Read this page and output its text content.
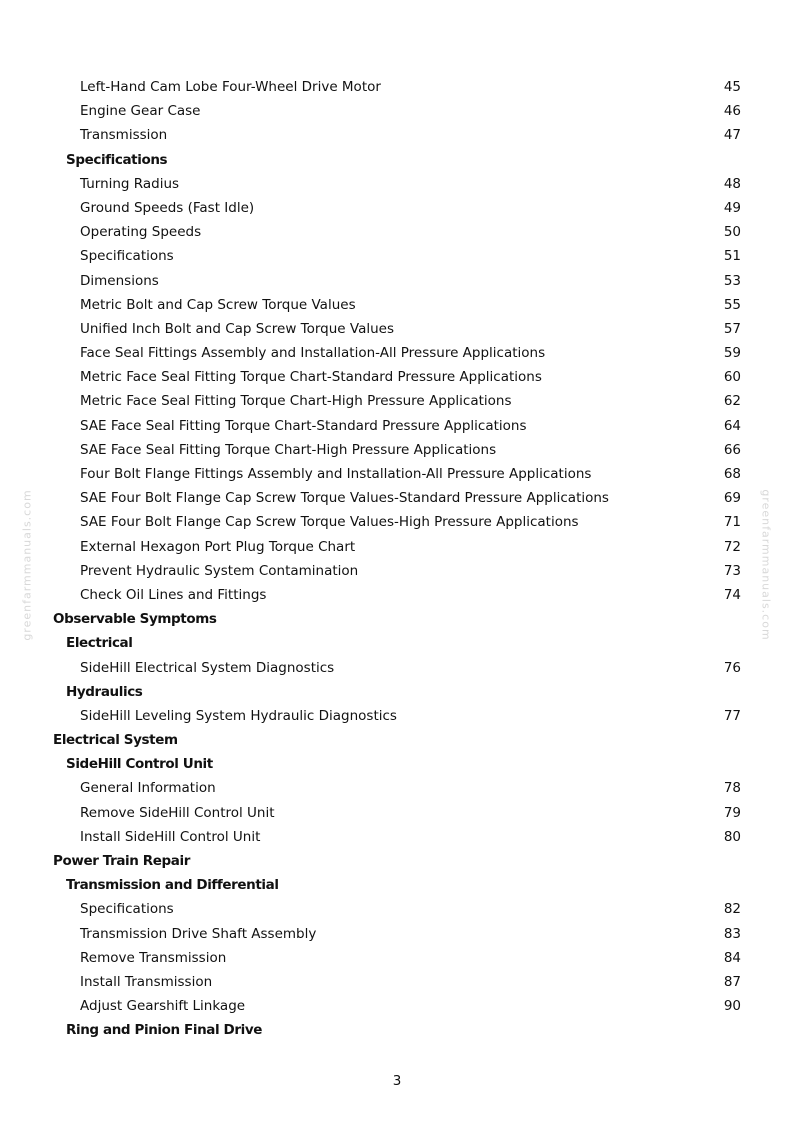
greenfarmmanuals.com	greenfarmmanuals.com
Left-Hand Cam Lobe Four-Wheel Drive Motor	45
Engine Gear Case	46
Transmission	47
Specifications
Turning Radius	48
Ground Speeds (Fast Idle)	49
Operating Speeds	50
Specifications	51
Dimensions	53
Metric Bolt and Cap Screw Torque Values	55
Unified Inch Bolt and Cap Screw Torque Values	57
Face Seal Fittings Assembly and Installation-All Pressure Applications	59
Metric Face Seal Fitting Torque Chart-Standard Pressure Applications	60
Metric Face Seal Fitting Torque Chart-High Pressure Applications	62
SAE Face Seal Fitting Torque Chart-Standard Pressure Applications	64
SAE Face Seal Fitting Torque Chart-High Pressure Applications	66
Four Bolt Flange Fittings Assembly and Installation-All Pressure Applications	68
SAE Four Bolt Flange Cap Screw Torque Values-Standard Pressure Applications	69
SAE Four Bolt Flange Cap Screw Torque Values-High Pressure Applications	71
External Hexagon Port Plug Torque Chart	72
Prevent Hydraulic System Contamination	73
Check Oil Lines and Fittings	74
Observable Symptoms
Electrical
SideHill Electrical System Diagnostics	76
Hydraulics
SideHill Leveling System Hydraulic Diagnostics	77
Electrical System
SideHill Control Unit
General Information	78
Remove SideHill Control Unit	79
Install SideHill Control Unit	80
Power Train Repair
Transmission and Differential
Specifications	82
Transmission Drive Shaft Assembly	83
Remove Transmission	84
Install Transmission	87
Adjust Gearshift Linkage	90
Ring and Pinion Final Drive
3
